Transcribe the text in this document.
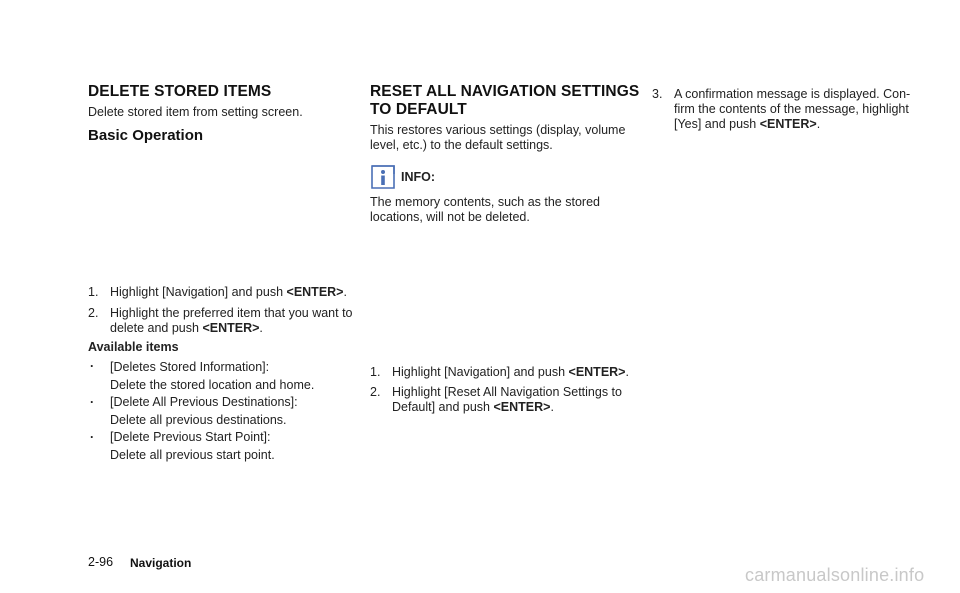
DELETE STORED ITEMS
Delete stored item from setting screen.
Basic Operation
1. Highlight [Navigation] and push <ENTER>.
2. Highlight the preferred item that you want to
delete and push <ENTER>.
Available items
. [Deletes Stored Information]:
Delete the stored location and home.
. [Delete All Previous Destinations]:
Delete all previous destinations.
. [Delete Previous Start Point]:
Delete all previous start point.
RESET ALL NAVIGATION SETTINGS
TO DEFAULT
This restores various settings (display, volume
level, etc.) to the default settings.
INFO:
The memory contents, such as the stored
locations, will not be deleted.
1. Highlight [Navigation] and push <ENTER>.
2. Highlight [Reset All Navigation Settings to
Default] and push <ENTER>.
3. A confirmation message is displayed. Con-
firm the contents of the message, highlight
[Yes] and push <ENTER>.
2-96 Navigation
carmanualsonline.info
